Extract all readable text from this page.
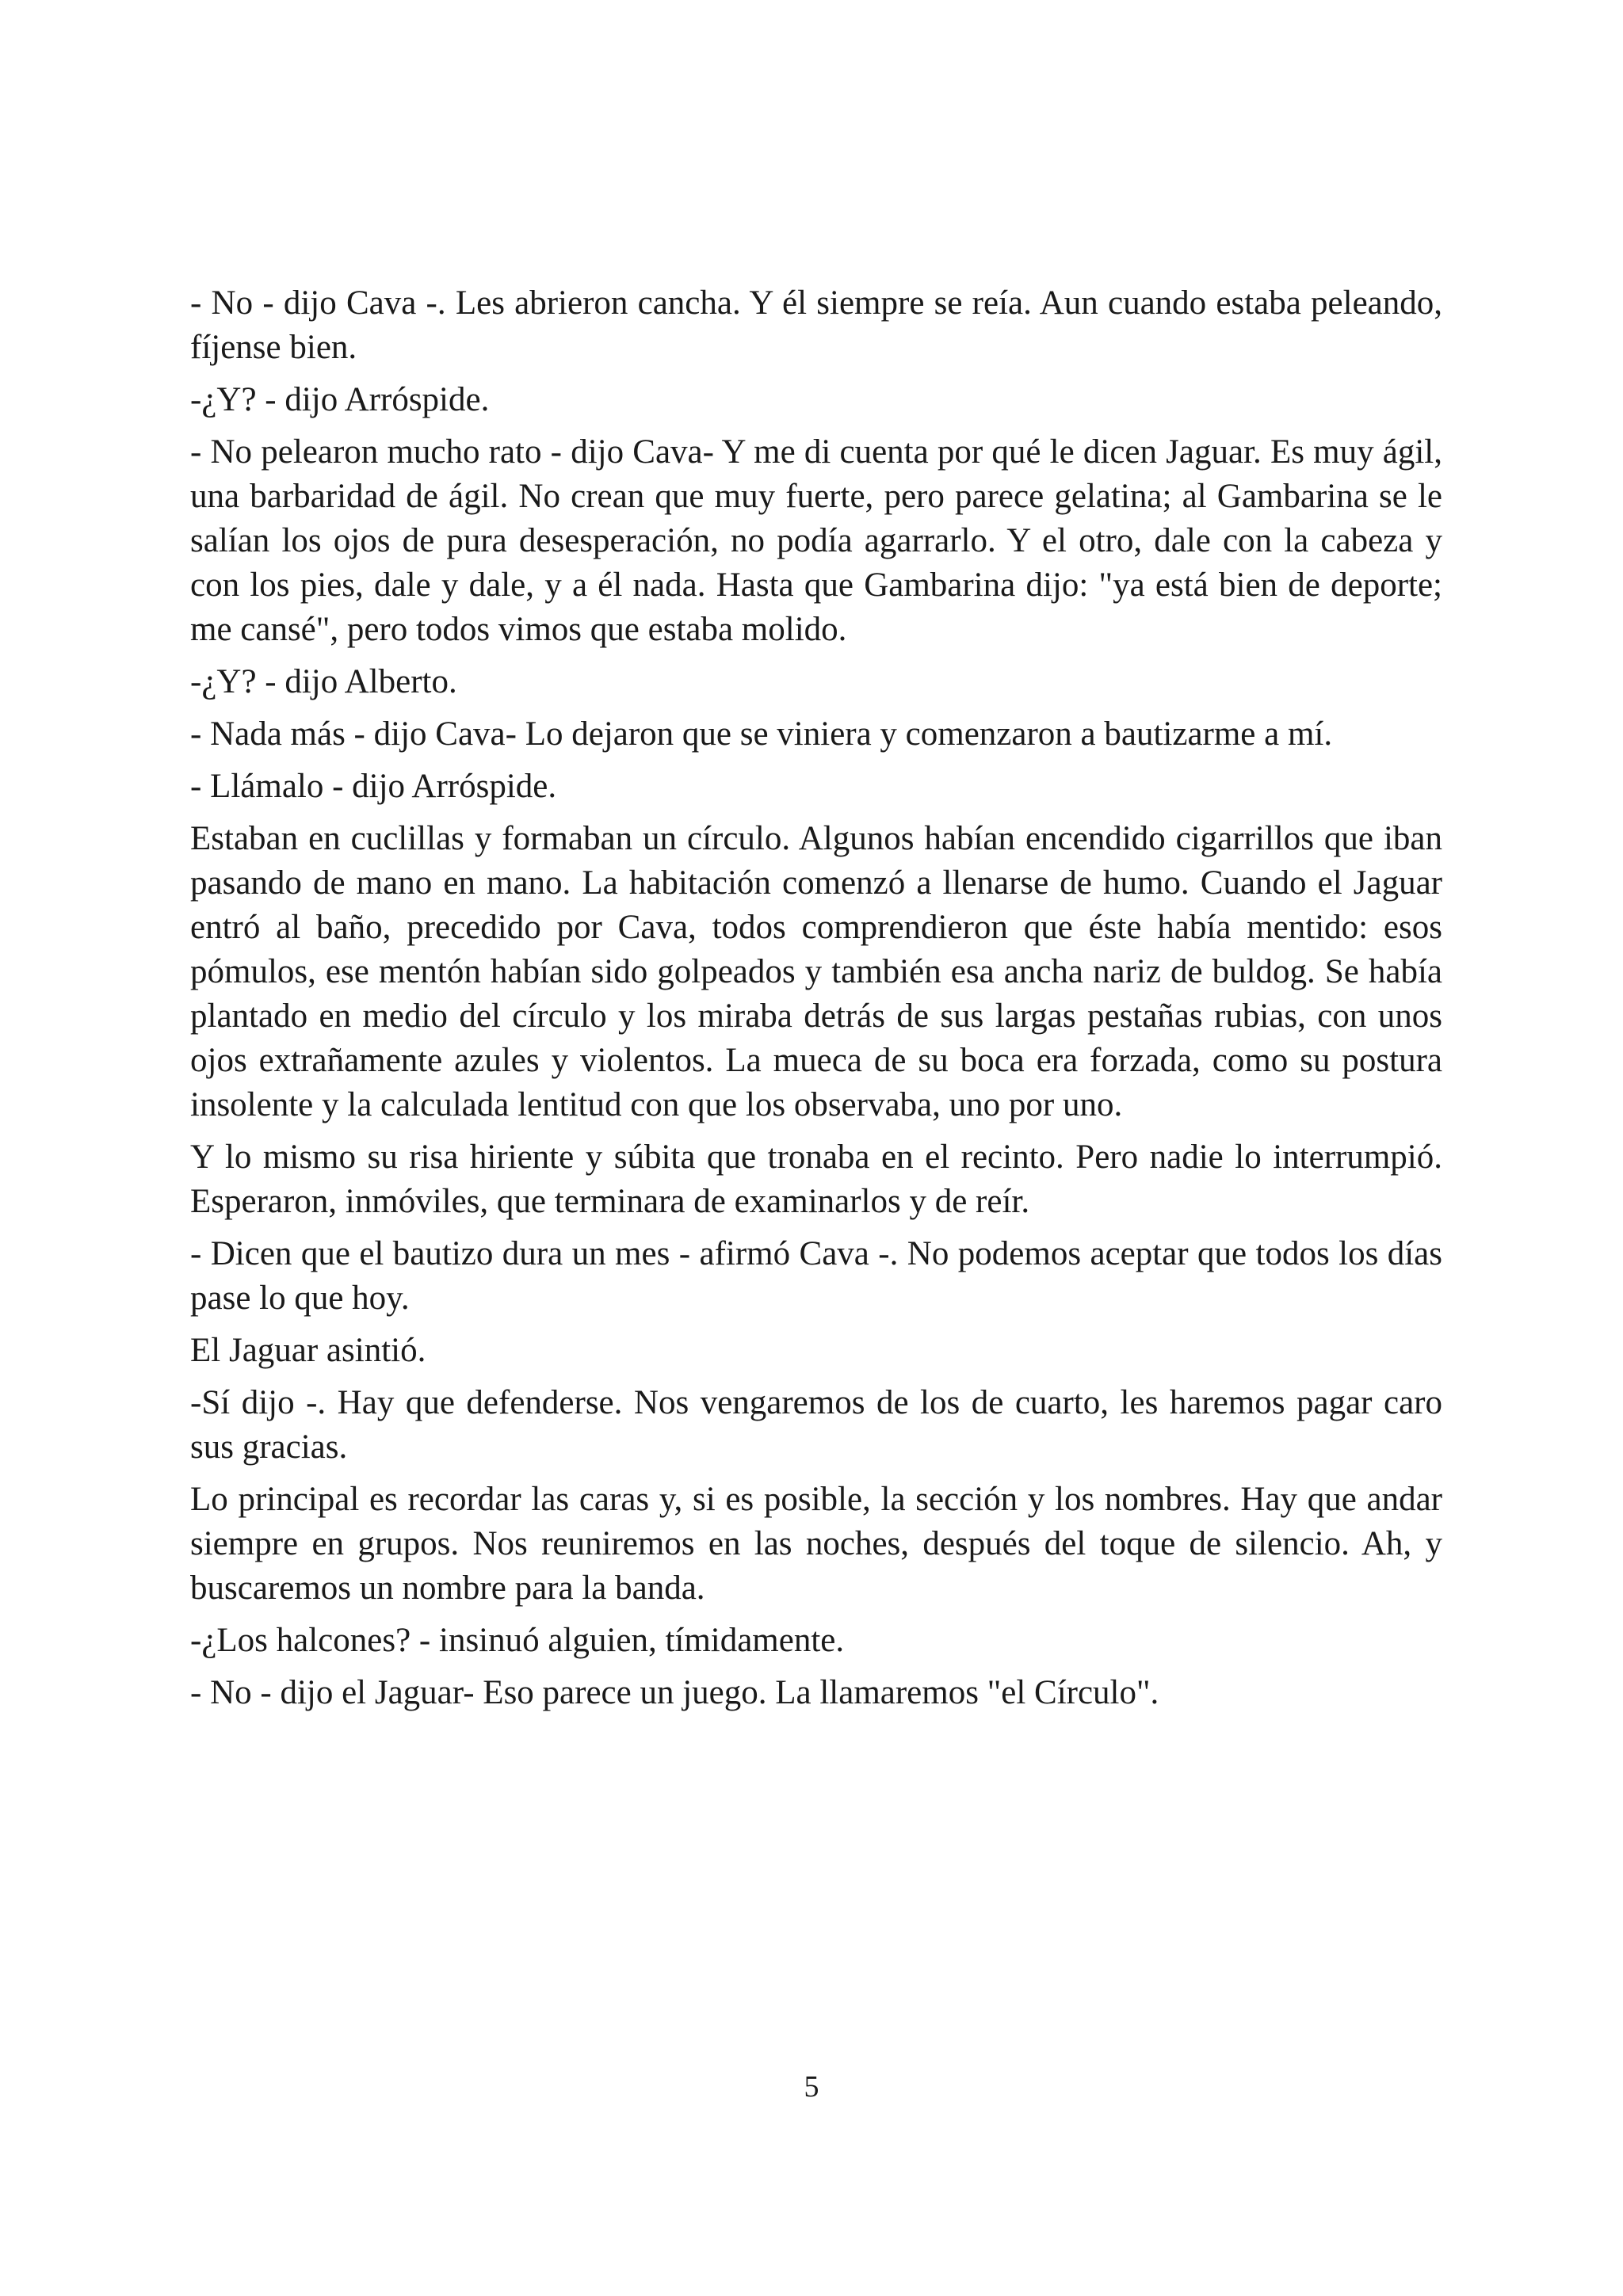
- No - dijo Cava -. Les abrieron cancha. Y él siempre se reía. Aun cuando estaba peleando, fíjense bien.

-¿Y? - dijo Arróspide.

- No pelearon mucho rato - dijo Cava- Y me di cuenta por qué le dicen Jaguar. Es muy ágil, una barbaridad de ágil. No crean que muy fuerte, pero parece gelatina; al Gambarina se le salían los ojos de pura desesperación, no podía agarrarlo. Y el otro, dale con la cabeza y con los pies, dale y dale, y a él nada. Hasta que Gambarina dijo: "ya está bien de deporte; me cansé", pero todos vimos que estaba molido.

-¿Y? - dijo Alberto.

- Nada más - dijo Cava- Lo dejaron que se viniera y comenzaron a bautizarme a mí.

- Llámalo - dijo Arróspide.

Estaban en cuclillas y formaban un círculo. Algunos habían encendido cigarrillos que iban pasando de mano en mano. La habitación comenzó a llenarse de humo. Cuando el Jaguar entró al baño, precedido por Cava, todos comprendieron que éste había mentido: esos pómulos, ese mentón habían sido golpeados y también esa ancha nariz de buldog. Se había plantado en medio del círculo y los miraba detrás de sus largas pestañas rubias, con unos ojos extrañamente azules y violentos. La mueca de su boca era forzada, como su postura insolente y la calculada lentitud con que los observaba, uno por uno.

Y lo mismo su risa hiriente y súbita que tronaba en el recinto. Pero nadie lo interrumpió. Esperaron, inmóviles, que terminara de examinarlos y de reír.

- Dicen que el bautizo dura un mes - afirmó Cava -. No podemos aceptar que todos los días pase lo que hoy.

El Jaguar asintió.

-Sí dijo -. Hay que defenderse. Nos vengaremos de los de cuarto, les haremos pagar caro sus gracias.

Lo principal es recordar las caras y, si es posible, la sección y los nombres. Hay que andar siempre en grupos. Nos reuniremos en las noches, después del toque de silencio. Ah, y buscaremos un nombre para la banda.

-¿Los halcones? - insinuó alguien, tímidamente.

- No - dijo el Jaguar- Eso parece un juego. La llamaremos "el Círculo".

5
